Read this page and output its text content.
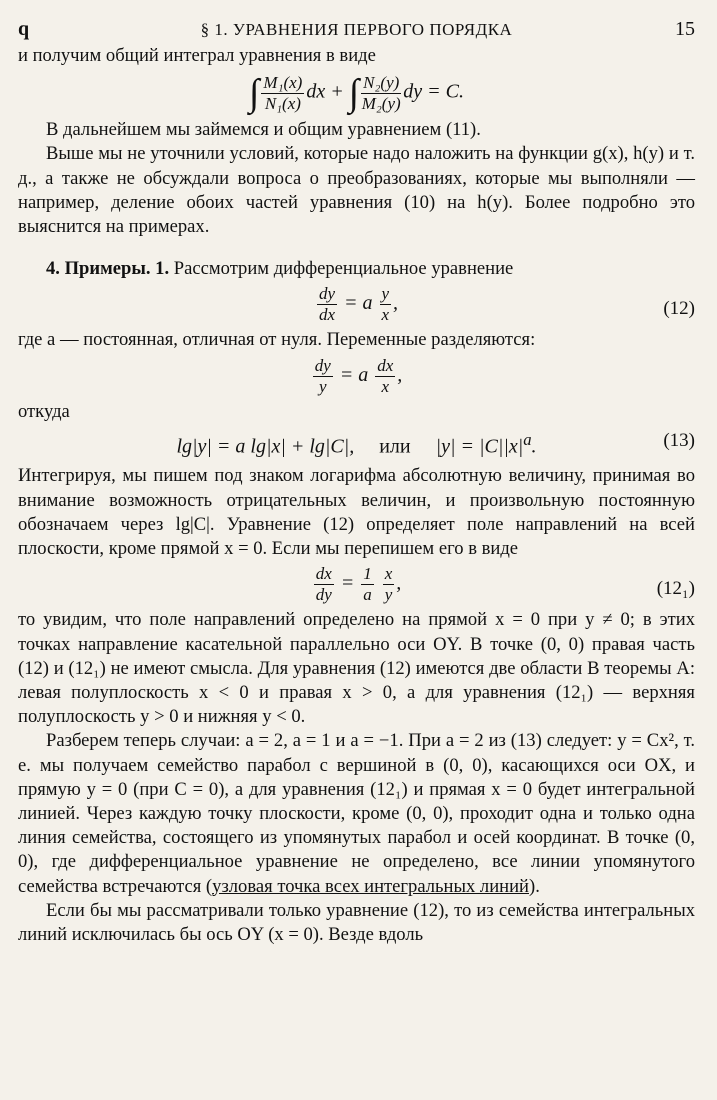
q	§ 1. УРАВНЕНИЯ ПЕРВОГО ПОРЯДКА	15

и получим общий интеграл уравнения в виде

∫ $\frac{\text{M₁(x)}}{\text{N₁(x)}}$ dx + ∫ $\frac{\text{N₂(y)}}{\text{M₂(y)}}$ dy = C.

В дальнейшем мы займемся и общим уравнением (11).

Выше мы не уточнили условий, которые надо наложить на функции g(x), h(y) и т. д., а также не обсуждали вопроса о преобразованиях, которые мы выполняли — например, деление обоих частей уравнения (10) на h(y). Более подробно это выяснится на примерах.

4. Примеры. 1. Рассмотрим дифференциальное уравнение

$\frac{dy}{dx} = a \frac{y}{x}$ ,	(12)

где a — постоянная, отличная от нуля. Переменные разделяются:

$\frac{dy}{y} = a \frac{dx}{x}$ ,

откуда

lg|y| = a lg|x| + lg|C|, или $|y| = |C||x|^a$.	(13)

Интегрируя, мы пишем под знаком логарифма абсолютную величину, принимая во внимание возможность отрицательных величин, и произвольную постоянную обозначаем через lg|C|. Уравнение (12) определяет поле направлений на всей плоскости, кроме прямой x = 0. Если мы перепишем его в виде

$\frac{dx}{dy} = \frac{1}{a}$
$\frac{x}{y}$ ,	(12₁)

то увидим, что поле направлений определено на прямой x = 0 при y ≠ 0; в этих точках направление касательной параллельно оси OY. В точке (0, 0) правая часть (12) и (12₁) не имеют смысла. Для уравнения (12) имеются две области B теоремы А: левая полуплоскость x < 0 и правая x > 0, а для уравнения (12₁) — верхняя полуплоскость y > 0 и нижняя y < 0.

Разберем теперь случаи: a = 2, a = 1 и a = −1. При a = 2 из (13) следует: y = Cx², т. е. мы получаем семейство парабол с вершиной в (0, 0), касающихся оси OX, и прямую y = 0 (при C = 0), а для уравнения (12₁) и прямая x = 0 будет интегральной линией. Через каждую точку плоскости, кроме (0, 0), проходит одна и только одна линия семейства, состоящего из упомянутых парабол и осей координат. В точке (0, 0), где дифференциальное уравнение не определено, все линии упомянутого семейства встречаются (узловая точка всех интегральных линий).

Если бы мы рассматривали только уравнение (12), то из семейства интегральных линий исключилась бы ось OY (x = 0). Везде вдоль
